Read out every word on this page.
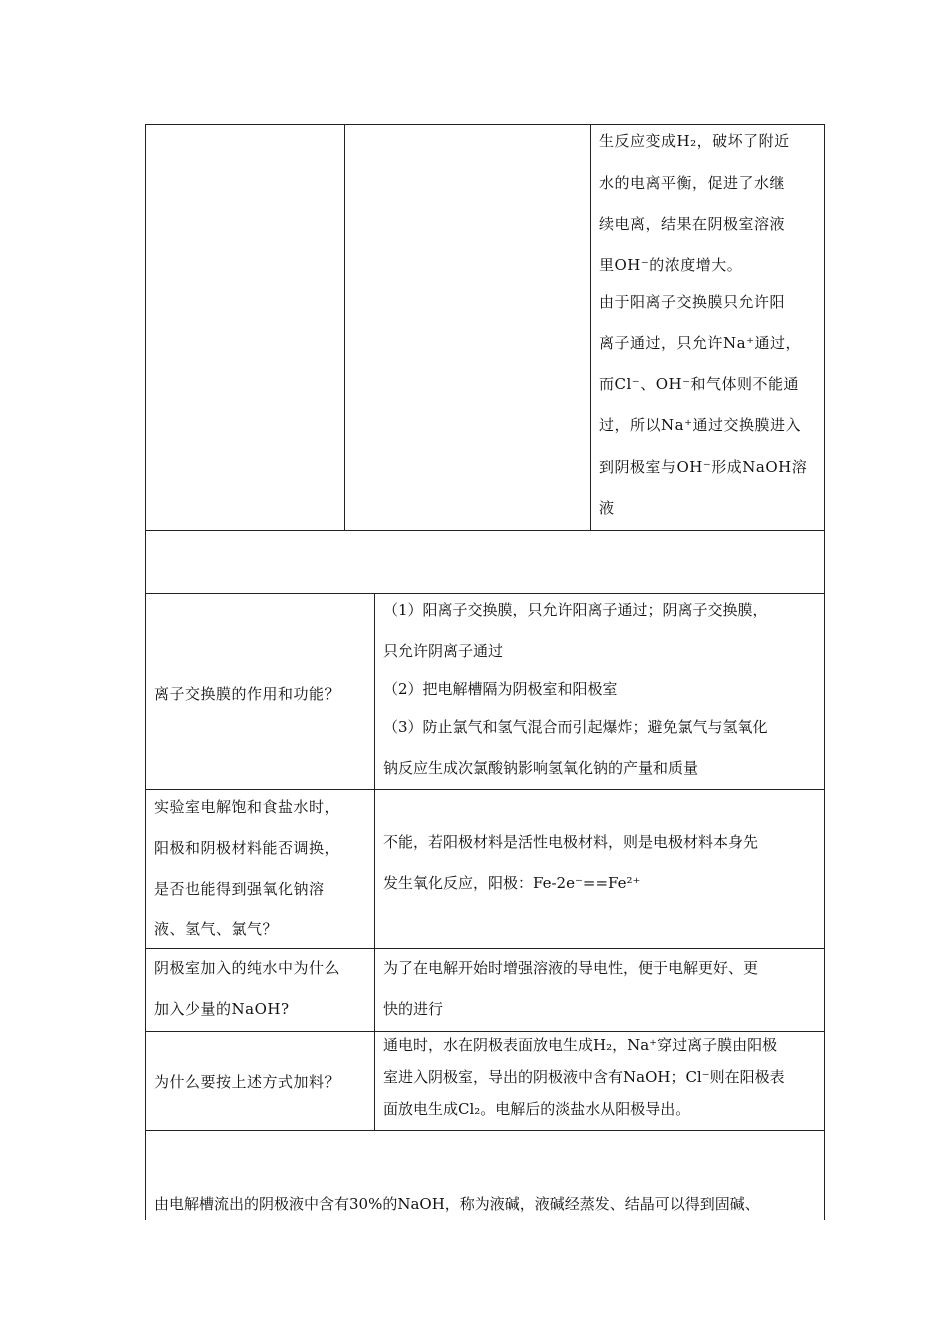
生反应变成H₂，破坏了附近
水的电离平衡，促进了水继
续电离，结果在阴极室溶液
里OH⁻的浓度增大。
由于阳离子交换膜只允许阳
离子通过，只允许Na⁺通过，
而Cl⁻、OH⁻和气体则不能通
过，所以Na⁺通过交换膜进入
到阴极室与OH⁻形成NaOH溶
液
离子交换膜的作用和功能？
（1）阳离子交换膜，只允许阳离子通过；阴离子交换膜，
只允许阴离子通过
（2）把电解槽隔为阴极室和阳极室
（3）防止氯气和氢气混合而引起爆炸；避免氯气与氢氧化
钠反应生成次氯酸钠影响氢氧化钠的产量和质量
实验室电解饱和食盐水时，
阳极和阴极材料能否调换，
是否也能得到强氧化钠溶
液、氢气、氯气？
不能，若阳极材料是活性电极材料，则是电极材料本身先
发生氧化反应，阳极：Fe-2e⁻==Fe²⁺
阴极室加入的纯水中为什么
加入少量的NaOH?
为了在电解开始时增强溶液的导电性，便于电解更好、更
快的进行
为什么要按上述方式加料？
通电时，水在阴极表面放电生成H₂，Na⁺穿过离子膜由阳极
室进入阴极室，导出的阴极液中含有NaOH；Cl⁻则在阳极表
面放电生成Cl₂。电解后的淡盐水从阳极导出。
由电解槽流出的阴极液中含有30%的NaOH，称为液碱，液碱经蒸发、结晶可以得到固碱、
